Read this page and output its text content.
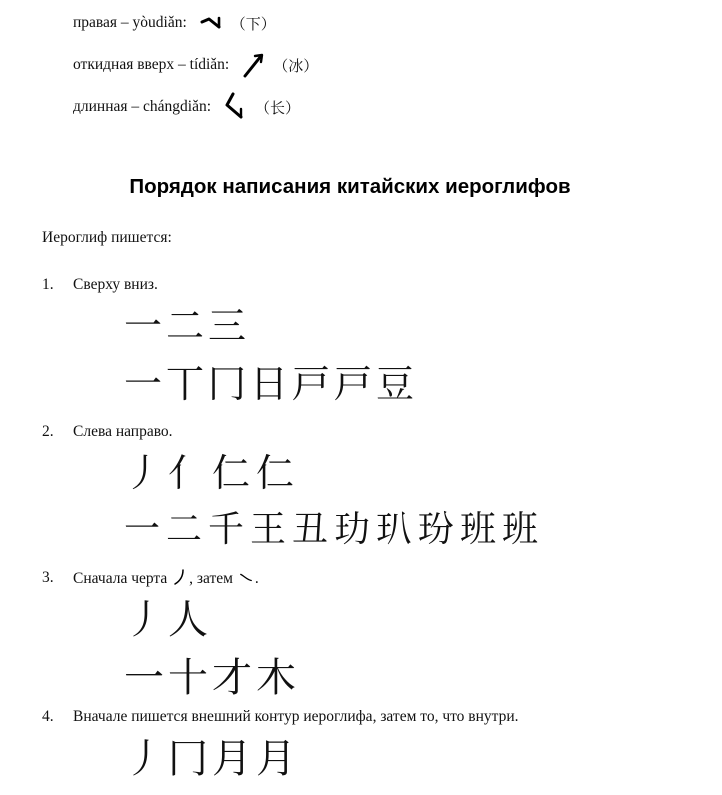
правая – yòudiǎn:	（下）
откидная вверх – tídiǎn:	（冰）
длинная – chángdiǎn:	（长）
Порядок написания китайских иероглифов
Иероглиф пишется:
1.	Сверху вниз.
一 二 三
一 丅 冂 日 戸 戸 豆
2.	Слева направо.
丿 亻 仁 仁
一 二 千 王 丑 玏 玐 玢 班 班
3.	Сначала черта , затем .
丿 人
一 十 才 木
4.	Вначале пишется внешний контур иероглифа, затем то, что внутри.
丿 冂 月 月
